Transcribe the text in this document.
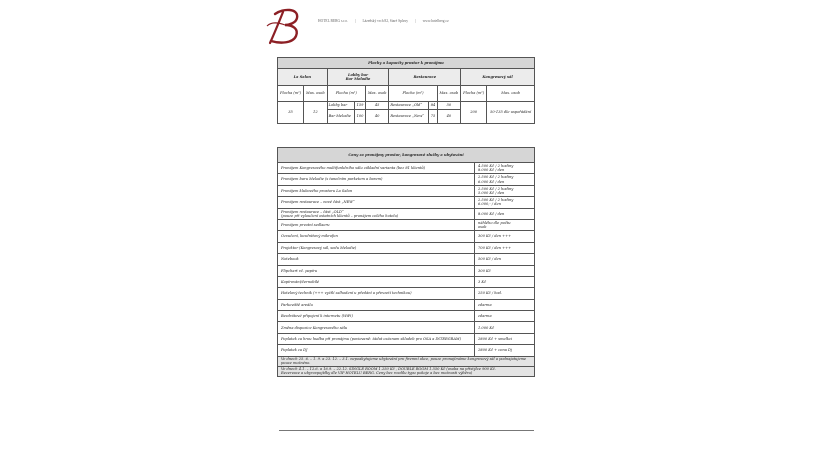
HOTEL BERG s.r.o. | Lázeňský vrch 82, Staré Splavy | www.hotelberg.cz
Plochy a kapacity prostor k pronájmu									
La Salon		Lobby bar
Bar Melodie			Restaurace			Kongresový sál	
Plocha (m²)	Max. osob	Plocha (m²)		Max. osob	Plocha (m²)		Max. osob	Plocha (m²)	Max. osob
35	12	Lobby bar	159	45	Restaurace „Old“	84	50	200	50-135 dle uspořádání
		Bar Melodie	100	40	Restaurace „New“	75	40		
Ceny za pronájmy prostor, kongresové služby a ubytování	
Pronájem Kongresového multifunkčního sálu základní varianta (bez 81 klientů)	4.500 Kč / 2 hodiny
8.000 Kč / den
Pronájem baru Melodie (s tanečním parketem a barem)	2.500 Kč / 2 hodiny
6.000 Kč / den
Pronájem klubového prostoru La Salon	2.500 Kč / 2 hodiny
5.000 Kč / den
Pronájem restaurace – nové část „NEW“	2.500 Kč / 2 hodiny
6.000,- / den
Pronájem restaurace – část „OLD“
(pouze při vyloučení ostatních klientů – pronájem celého hotelu)	8.000 Kč / den
Pronájem prvotní sedlaeru	náhlého dle počtu
osob
Ozvučení, bezdrátový mikrofon	300 Kč / den +++
Projektor (Kongresový sál, sedu Melodie)	700 Kč / den +++
Notebook	500 Kč / den
Flipchart vč. papíru	300 Kč
Kopírování/černobílé	3 Kč
Hotelový technik (+++ vyžtlí zalhodení u předání a převzetí technikou)	250 Kč / hod.
Parkoviště areálu	zdarma
Bezdrátové připojení k internetu (WiFi)	zdarma
Změna dispozice Kongresového sálu	1.000 Kč
Poplatek za hrou hudba při pronájmu (poviovaně: žádat ozáznam skladeb pro OSA a INTERGRAM)	2800 Kč + smelkci
Poplatek za DJ	2800 Kč + cena Dj
Ve dnech 25. 6. – 1. 9. a 23. 12. – 3.1. nepoakytujeme ubytování pro firemní akce, pouze pronajímáme kongresový sál a podnajatujeme pouze možnéno.	
Ve dnech 4.1. – 12.6. a 16.9. – 22.12. SINGLE ROOM 1.250 Kč , DOUBLE ROOM 1.550 Kč (osoba na přistýlce 900 Kč.
Rezervace a ubyrovpojídky dle VIP HOTELU BERG. Ceny bez rozdílu typu pokoje a bez možnosti výběru)	
